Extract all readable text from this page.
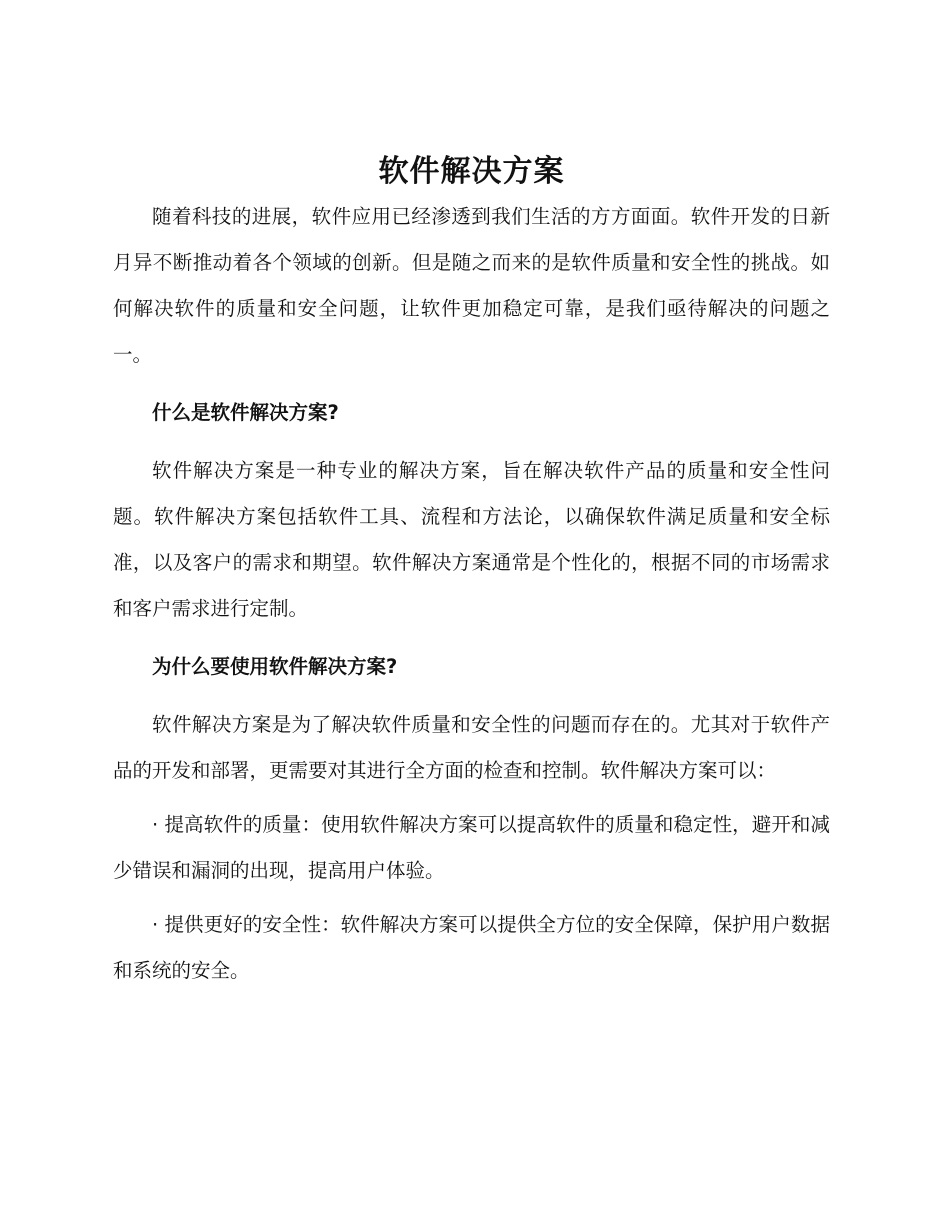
软件解决方案

随着科技的进展，软件应用已经渗透到我们生活的方方面面。软件开发的日新月异不断推动着各个领域的创新。但是随之而来的是软件质量和安全性的挑战。如何解决软件的质量和安全问题，让软件更加稳定可靠，是我们亟待解决的问题之一。

什么是软件解决方案?

软件解决方案是一种专业的解决方案，旨在解决软件产品的质量和安全性问题。软件解决方案包括软件工具、流程和方法论，以确保软件满足质量和安全标准，以及客户的需求和期望。软件解决方案通常是个性化的，根据不同的市场需求和客户需求进行定制。

为什么要使用软件解决方案?

软件解决方案是为了解决软件质量和安全性的问题而存在的。尤其对于软件产品的开发和部署，更需要对其进行全方面的检查和控制。软件解决方案可以：

· 提高软件的质量：使用软件解决方案可以提高软件的质量和稳定性，避开和减少错误和漏洞的出现，提高用户体验。

· 提供更好的安全性：软件解决方案可以提供全方位的安全保障，保护用户数据和系统的安全。
